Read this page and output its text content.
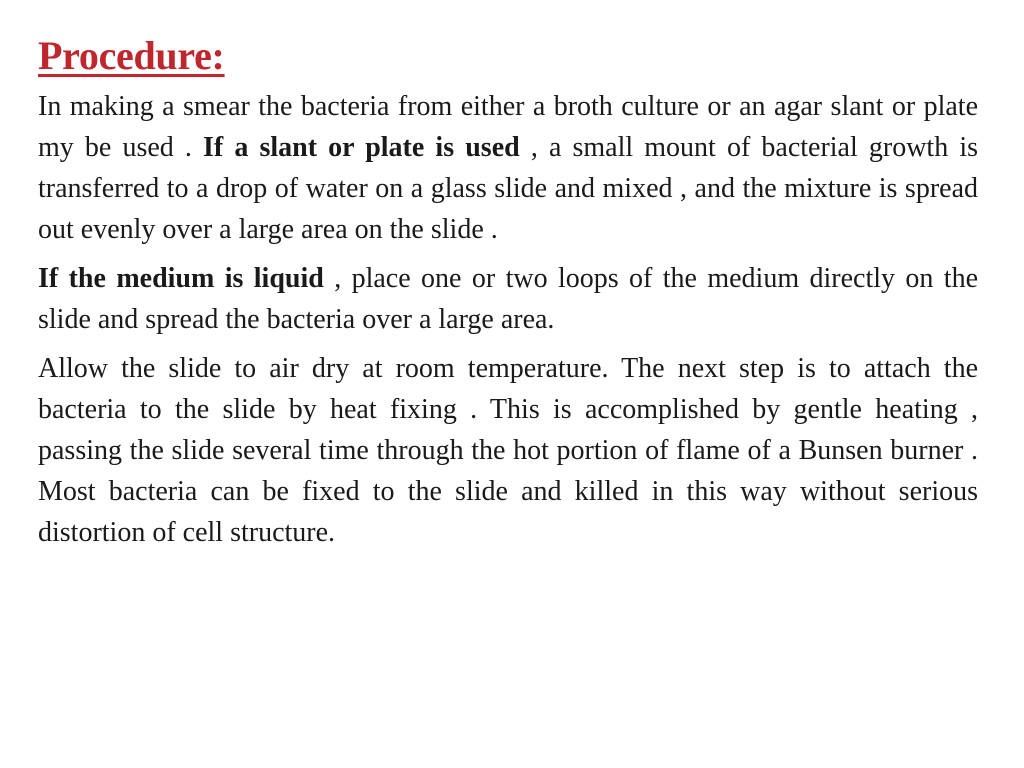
Procedure:

In making a smear the bacteria from either a broth culture or an agar slant or plate my be used . If a slant or plate is used , a small mount of bacterial growth is transferred to a drop of water on a glass slide and mixed , and the mixture is spread out evenly over a large area on the slide .

If the medium is liquid , place one or two loops of the medium directly on the slide and spread the bacteria over a large area.

Allow the slide to air dry at room temperature. The next step is to attach the bacteria to the slide by heat fixing . This is accomplished by gentle heating , passing the slide several time through the hot portion of flame of a Bunsen burner . Most bacteria can be fixed to the slide and killed in this way without serious distortion of cell structure.
